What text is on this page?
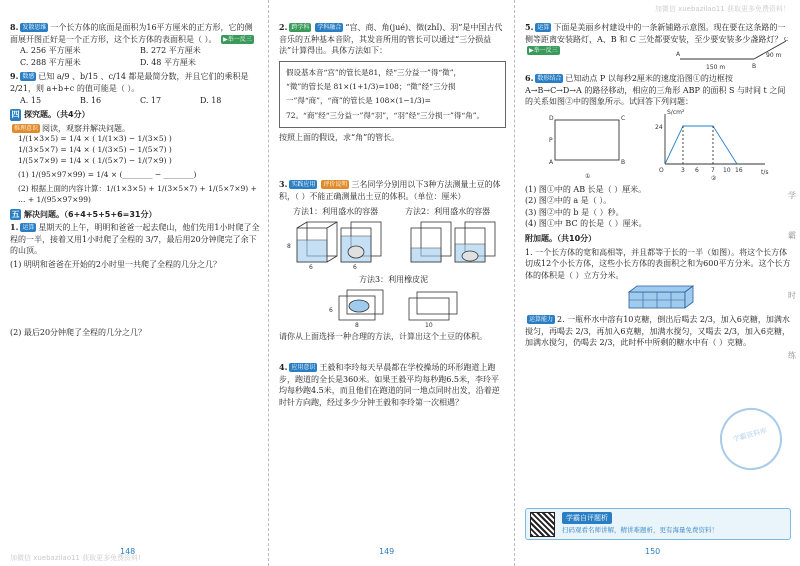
加微信 xuebazilao11 获取更多免费资料！
加微信 xuebazilao11 获取更多免费资料!
8. 发散思维 一个长方体的底面是面积为16平方厘米的正方形，它的侧面展开图正好是一个正方形，这个长方体的表面积是（ ）。 ▶举一反三
A. 256 平方厘米	B. 272 平方厘米
C. 288 平方厘米	D. 48 平方厘米
9. 数感 已知 a/9 、b/15 、c/14 都是最简分数，并且它们的乘积是 2/21，则 a+b+c 的值可能是（ ）。
A. 15	B. 16	C. 17	D. 18
四 探究题。（共4分）
推理意识 阅读，观察并解决问题。
1/(1×3×5) = 1/4 × ( 1/(1×3) − 1/(3×5) )
1/(3×5×7) = 1/4 × ( 1/(3×5) − 1/(5×7) )
1/(5×7×9) = 1/4 × ( 1/(5×7) − 1/(7×9) )
(1) 1/(95×97×99) = 1/4 × (________ − ________)
(2) 根据上面的内容计算：1/(1×3×5) + 1/(3×5×7) + 1/(5×7×9) + … + 1/(95×97×99)
五 解决问题。（6+4+5+5+6=31分）
1. 运算 星期天的上午，明明和爸爸一起去爬山，他们先用1小时爬了全程的一半，接着又用1小时爬了全程的 3/7，最后用20分钟爬完了余下的山顶。
(1) 明明和爸爸在开始的2小时里一共爬了全程的几分之几？
(2) 最后20分钟爬了全程的几分之几？
148
2. 跨学科 学科融合 “宫、商、角(jué)、徵(zhǐ)、羽”是中国古代音乐的五种基本音阶，其发音所用的管长可以通过“三分损益法”计算得出。具体方法如下：
假设基本音“宫”的管长是81，经“三分益一”得“徵”，
“徵”的管长是 81×(1+1/3)=108；“徵”经“三分损一”得“商”，“商”的管长是 108×(1−1/3)=
72。“商”经“三分益一”得“羽”，“羽”经“三分损一”得“角”。
按照上面的假设，求“角”的管长。
3. 实践应用 评价说明 三名同学分别用以下3种方法测量土豆的体积，（ ）不能正确测量出土豆的体积。（单位：厘米）
方法1：利用盛水的容器	方法2：利用盛水的容器
6
8
6
方法3：利用橡皮泥
6
8	10
请你从上面选择一种合理的方法，计算出这个土豆的体积。
4. 应用意识 王毅和李玲每天早晨都在学校操场的环形跑道上跑步，跑道的全长是360米。如果王毅平均每秒跑6.5米，李玲平均每秒跑4.5米，而且他们在跑道的同一地点同时出发，沿着逆时针方向跑，经过多少分钟王毅和李玲第一次相遇？
149
5. 运算 下面是美丽乡村建设中的一条新铺路示意图。现在要在这条路的一侧等距离安装路灯，A、B 和 C 三处都要安装，至少要安装多少盏路灯？ ▶举一反三
A
B
C
150 m
90 m
6. 数形结合 已知动点 P 以每秒2厘米的速度沿图①的边框按 A→B→C→D→A 的路径移动，相应的三角形 ABP 的面积 S 与时间 t 之间的关系如图②中的图象所示。试回答下列问题：
D	C
A	B
P
S/cm²
t/s
24
O	3 6 7 10 16
①	②
(1) 图①中的 AB 长是（ ）厘米。
(2) 图②中的 a 是（ ）。
(3) 图②中的 b 是（ ）秒。
(4) 图①中 BC 的长是（ ）厘米。
附加题。（共10分）
1. 一个长方体的宽和高相等，并且都等于长的一半（如图）。将这个长方体切成12个小长方体，这些小长方体的表面积之和为600平方分米。这个长方体的体积是（ ）立方分米。
运算能力 2. 一瓶杯水中溶有10克糖，倒出后喝去 2/3，加入6克糖，加满水搅匀，再喝去 2/3，再加入6克糖，加满水搅匀，又喝去 2/3，加入6克糖，加满水搅匀，仍喝去 2/3，此时杯中所剩的糖水中有（ ）克糖。
学霸资料库
学霸自评题析
扫码观看名师讲解，精讲难题析，更有海量免费资料！
学
霸
时
练
150
